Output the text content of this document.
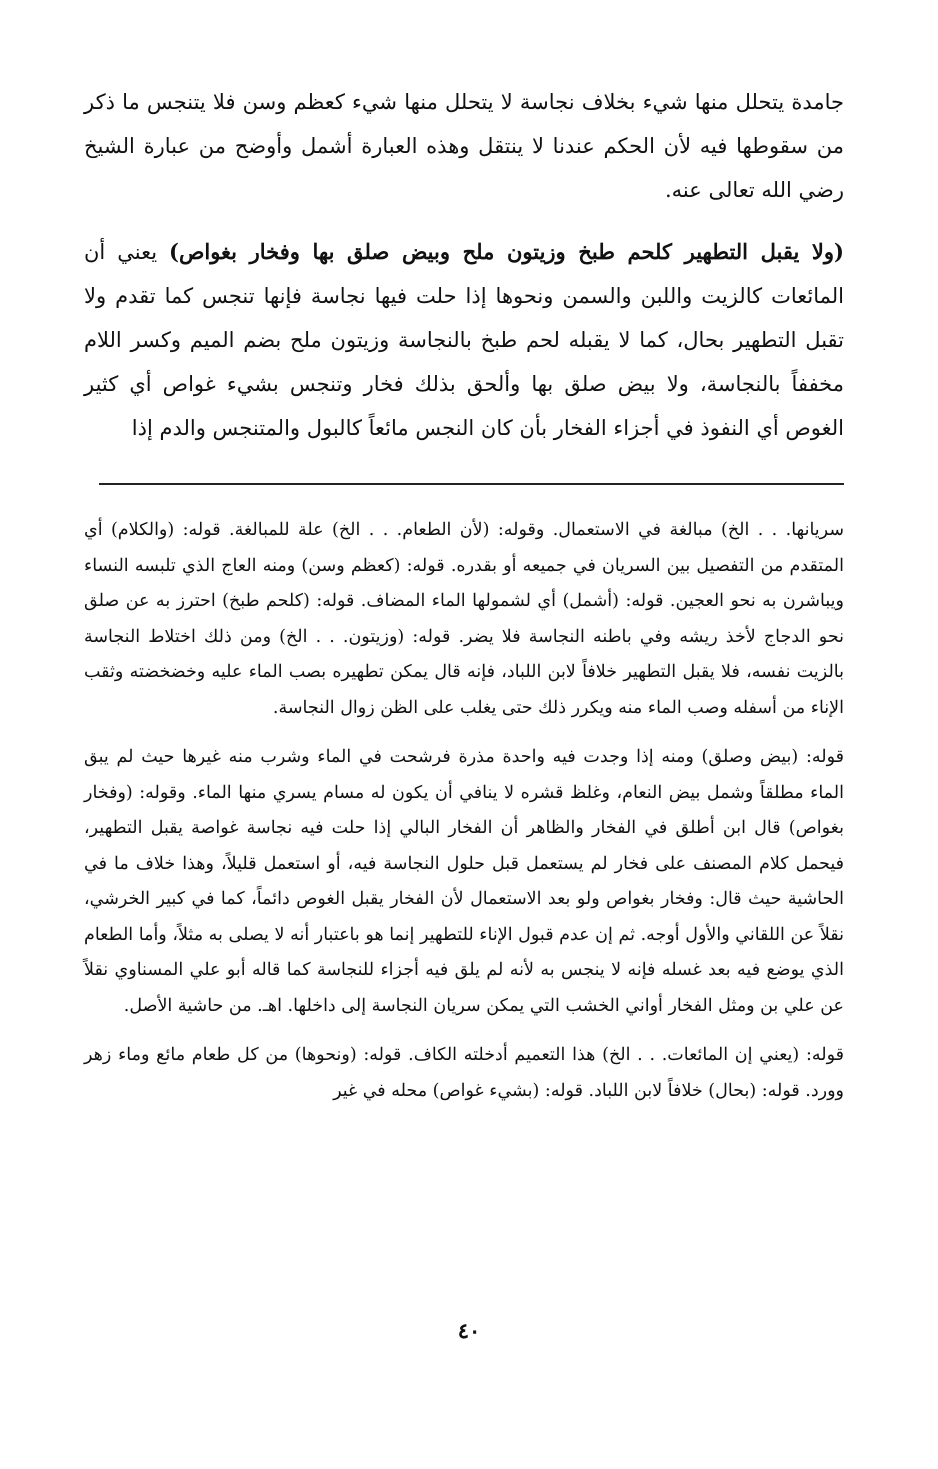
جامدة يتحلل منها شيء بخلاف نجاسة لا يتحلل منها شيء كعظم وسن فلا يتنجس ما ذكر من سقوطها فيه لأن الحكم عندنا لا ينتقل وهذه العبارة أشمل وأوضح من عبارة الشيخ رضي الله تعالى عنه.

(ولا يقبل التطهير كلحم طبخ وزيتون ملح وبيض صلق بها وفخار بغواص) يعني أن المائعات كالزيت واللبن والسمن ونحوها إذا حلت فيها نجاسة فإنها تنجس كما تقدم ولا تقبل التطهير بحال، كما لا يقبله لحم طبخ بالنجاسة وزيتون ملح بضم الميم وكسر اللام مخففاً بالنجاسة، ولا بيض صلق بها وألحق بذلك فخار وتنجس بشيء غواص أي كثير الغوص أي النفوذ في أجزاء الفخار بأن كان النجس مائعاً كالبول والمتنجس والدم إذا

سريانها. . . الخ) مبالغة في الاستعمال. وقوله: (لأن الطعام. . . الخ) علة للمبالغة. قوله: (والكلام) أي المتقدم من التفصيل بين السريان في جميعه أو بقدره. قوله: (كعظم وسن) ومنه العاج الذي تلبسه النساء ويباشرن به نحو العجين. قوله: (أشمل) أي لشمولها الماء المضاف. قوله: (كلحم طبخ) احترز به عن صلق نحو الدجاج لأخذ ريشه وفي باطنه النجاسة فلا يضر. قوله: (وزيتون. . . الخ) ومن ذلك اختلاط النجاسة بالزيت نفسه، فلا يقبل التطهير خلافاً لابن اللباد، فإنه قال يمكن تطهيره بصب الماء عليه وخضخضته وثقب الإناء من أسفله وصب الماء منه ويكرر ذلك حتى يغلب على الظن زوال النجاسة.

قوله: (بيض وصلق) ومنه إذا وجدت فيه واحدة مذرة فرشحت في الماء وشرب منه غيرها حيث لم يبق الماء مطلقاً وشمل بيض النعام، وغلظ قشره لا ينافي أن يكون له مسام يسري منها الماء. وقوله: (وفخار بغواص) قال ابن أطلق في الفخار والظاهر أن الفخار البالي إذا حلت فيه نجاسة غواصة يقبل التطهير، فيحمل كلام المصنف على فخار لم يستعمل قبل حلول النجاسة فيه، أو استعمل قليلاً، وهذا خلاف ما في الحاشية حيث قال: وفخار بغواص ولو بعد الاستعمال لأن الفخار يقبل الغوص دائماً، كما في كبير الخرشي، نقلاً عن اللقاني والأول أوجه. ثم إن عدم قبول الإناء للتطهير إنما هو باعتبار أنه لا يصلى به مثلاً، وأما الطعام الذي يوضع فيه بعد غسله فإنه لا ينجس به لأنه لم يلق فيه أجزاء للنجاسة كما قاله أبو علي المسناوي نقلاً عن علي بن ومثل الفخار أواني الخشب التي يمكن سريان النجاسة إلى داخلها. اهـ. من حاشية الأصل.

قوله: (يعني إن المائعات. . . الخ) هذا التعميم أدخلته الكاف. قوله: (ونحوها) من كل طعام مائع وماء زهر وورد. قوله: (بحال) خلافاً لابن اللباد. قوله: (بشيء غواص) محله في غير

٤٠
